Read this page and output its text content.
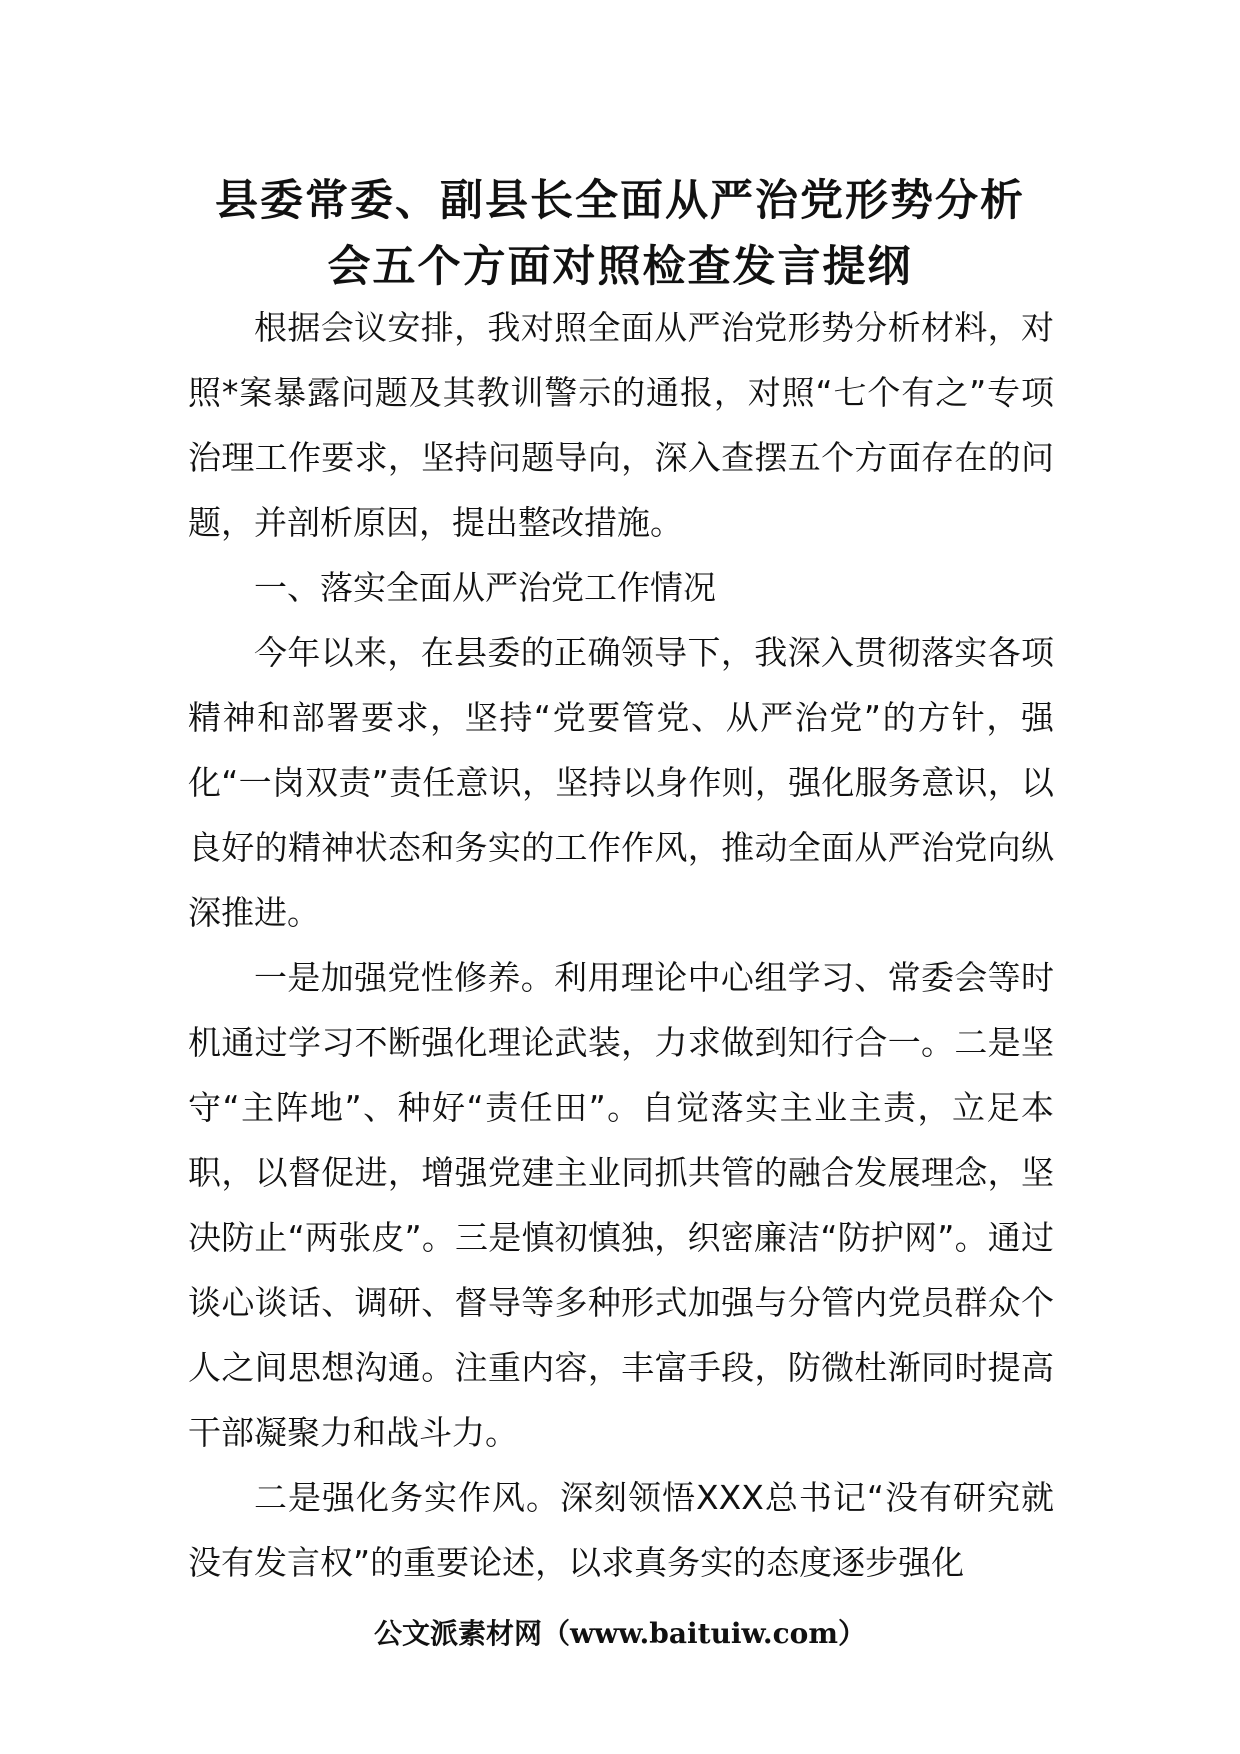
县委常委、副县长全面从严治党形势分析
会五个方面对照检查发言提纲

根据会议安排，我对照全面从严治党形势分析材料，对照*案暴露问题及其教训警示的通报，对照“七个有之”专项治理工作要求，坚持问题导向，深入查摆五个方面存在的问题，并剖析原因，提出整改措施。

一、落实全面从严治党工作情况

今年以来，在县委的正确领导下，我深入贯彻落实各项精神和部署要求，坚持“党要管党、从严治党”的方针，强化“一岗双责”责任意识，坚持以身作则，强化服务意识，以良好的精神状态和务实的工作作风，推动全面从严治党向纵深推进。

一是加强党性修养。利用理论中心组学习、常委会等时机通过学习不断强化理论武装，力求做到知行合一。二是坚守“主阵地”、种好“责任田”。自觉落实主业主责，立足本职，以督促进，增强党建主业同抓共管的融合发展理念，坚决防止“两张皮”。三是慎初慎独，织密廉洁“防护网”。通过谈心谈话、调研、督导等多种形式加强与分管内党员群众个人之间思想沟通。注重内容，丰富手段，防微杜渐同时提高干部凝聚力和战斗力。

二是强化务实作风。深刻领悟XXX总书记“没有研究就没有发言权”的重要论述，以求真务实的态度逐步强化

公文派素材网（www.baituiw.com）
